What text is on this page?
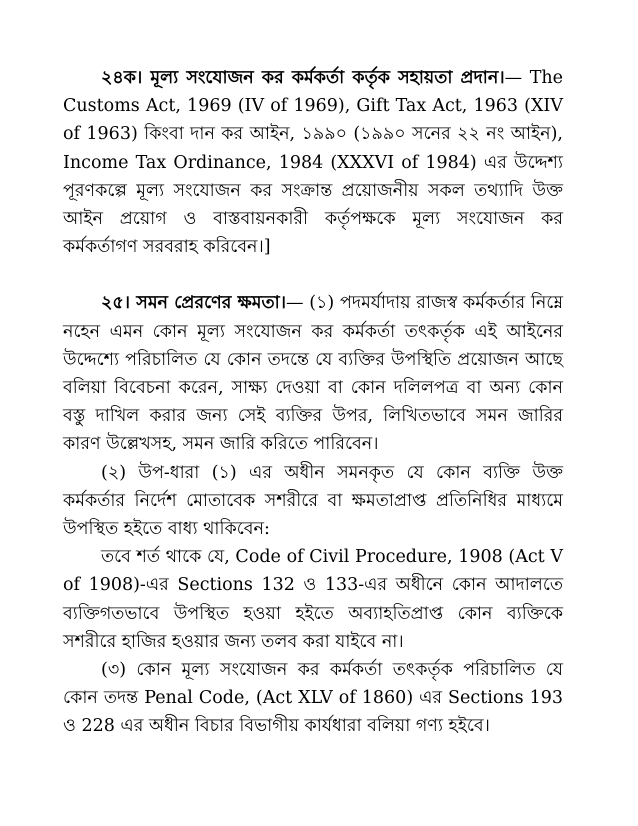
২৪ক। মূল্য সংযোজন কর কর্মকর্তা কর্তৃক সহায়তা প্রদান।— The Customs Act, 1969 (IV of 1969), Gift Tax Act, 1963 (XIV of 1963) কিংবা দান কর আইন, ১৯৯০ (১৯৯০ সনের ২২ নং আইন), Income Tax Ordinance, 1984 (XXXVI of 1984) এর উদ্দেশ্য পূরণকল্পে মূল্য সংযোজন কর সংক্রান্ত প্রয়োজনীয় সকল তথ্যাদি উক্ত আইন প্রয়োগ ও বাস্তবায়নকারী কর্তৃপক্ষকে মূল্য সংযোজন কর কর্মকর্তাগণ সরবরাহ করিবেন।]

২৫। সমন প্রেরণের ক্ষমতা।— (১) পদমর্যাদায় রাজস্ব কর্মকর্তার নিম্নে নহেন এমন কোন মূল্য সংযোজন কর কর্মকর্তা তৎকর্তৃক এই আইনের উদ্দেশ্যে পরিচালিত যে কোন তদন্তে যে ব্যক্তির উপস্থিতি প্রয়োজন আছে বলিয়া বিবেচনা করেন, সাক্ষ্য দেওয়া বা কোন দলিলপত্র বা অন্য কোন বস্তু দাখিল করার জন্য সেই ব্যক্তির উপর, লিখিতভাবে সমন জারির কারণ উল্লেখসহ, সমন জারি করিতে পারিবেন।

(২) উপ-ধারা (১) এর অধীন সমনকৃত যে কোন ব্যক্তি উক্ত কর্মকর্তার নির্দেশ মোতাবেক সশরীরে বা ক্ষমতাপ্রাপ্ত প্রতিনিধির মাধ্যমে উপস্থিত হইতে বাধ্য থাকিবেন:

তবে শর্ত থাকে যে, Code of Civil Procedure, 1908 (Act V of 1908)-এর Sections 132 ও 133-এর অধীনে কোন আদালতে ব্যক্তিগতভাবে উপস্থিত হওয়া হইতে অব্যাহতিপ্রাপ্ত কোন ব্যক্তিকে সশরীরে হাজির হওয়ার জন্য তলব করা যাইবে না।

(৩) কোন মূল্য সংযোজন কর কর্মকর্তা তৎকর্তৃক পরিচালিত যে কোন তদন্ত Penal Code, (Act XLV of 1860) এর Sections 193 ও 228 এর অধীন বিচার বিভাগীয় কার্যধারা বলিয়া গণ্য হইবে।
